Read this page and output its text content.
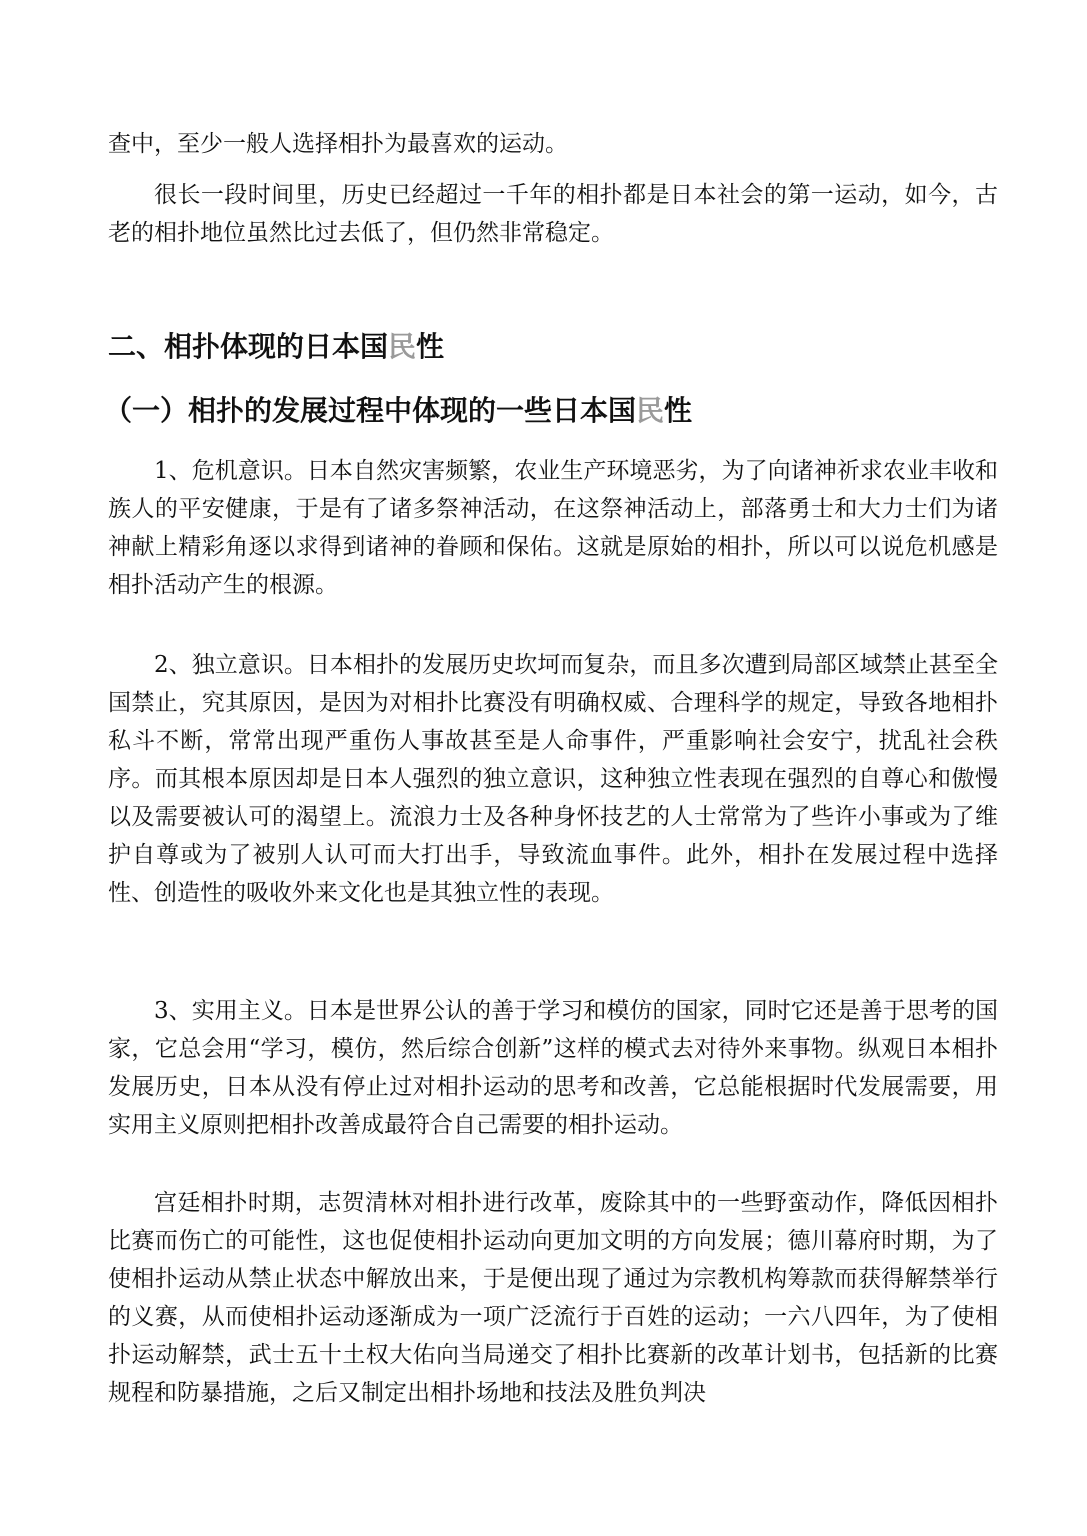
查中，至少一般人选择相扑为最喜欢的运动。

很长一段时间里，历史已经超过一千年的相扑都是日本社会的第一运动，如今，古老的相扑地位虽然比过去低了，但仍然非常稳定。

二、相扑体现的日本国民性
（一）相扑的发展过程中体现的一些日本国民性

1、危机意识。日本自然灾害频繁，农业生产环境恶劣，为了向诸神祈求农业丰收和族人的平安健康，于是有了诸多祭神活动，在这祭神活动上，部落勇士和大力士们为诸神献上精彩角逐以求得到诸神的眷顾和保佑。这就是原始的相扑，所以可以说危机感是相扑活动产生的根源。

2、独立意识。日本相扑的发展历史坎坷而复杂，而且多次遭到局部区域禁止甚至全国禁止，究其原因，是因为对相扑比赛没有明确权威、合理科学的规定，导致各地相扑私斗不断，常常出现严重伤人事故甚至是人命事件，严重影响社会安宁，扰乱社会秩序。而其根本原因却是日本人强烈的独立意识，这种独立性表现在强烈的自尊心和傲慢以及需要被认可的渴望上。流浪力士及各种身怀技艺的人士常常为了些许小事或为了维护自尊或为了被别人认可而大打出手，导致流血事件。此外，相扑在发展过程中选择性、创造性的吸收外来文化也是其独立性的表现。

3、实用主义。日本是世界公认的善于学习和模仿的国家，同时它还是善于思考的国家，它总会用“学习，模仿，然后综合创新”这样的模式去对待外来事物。纵观日本相扑发展历史，日本从没有停止过对相扑运动的思考和改善，它总能根据时代发展需要，用实用主义原则把相扑改善成最符合自己需要的相扑运动。

宫廷相扑时期，志贺清林对相扑进行改革，废除其中的一些野蛮动作，降低因相扑比赛而伤亡的可能性，这也促使相扑运动向更加文明的方向发展；德川幕府时期，为了使相扑运动从禁止状态中解放出来，于是便出现了通过为宗教机构筹款而获得解禁举行的义赛，从而使相扑运动逐渐成为一项广泛流行于百姓的运动；一六八四年，为了使相扑运动解禁，武士五十土权大佑向当局递交了相扑比赛新的改革计划书，包括新的比赛规程和防暴措施，之后又制定出相扑场地和技法及胜负判决
